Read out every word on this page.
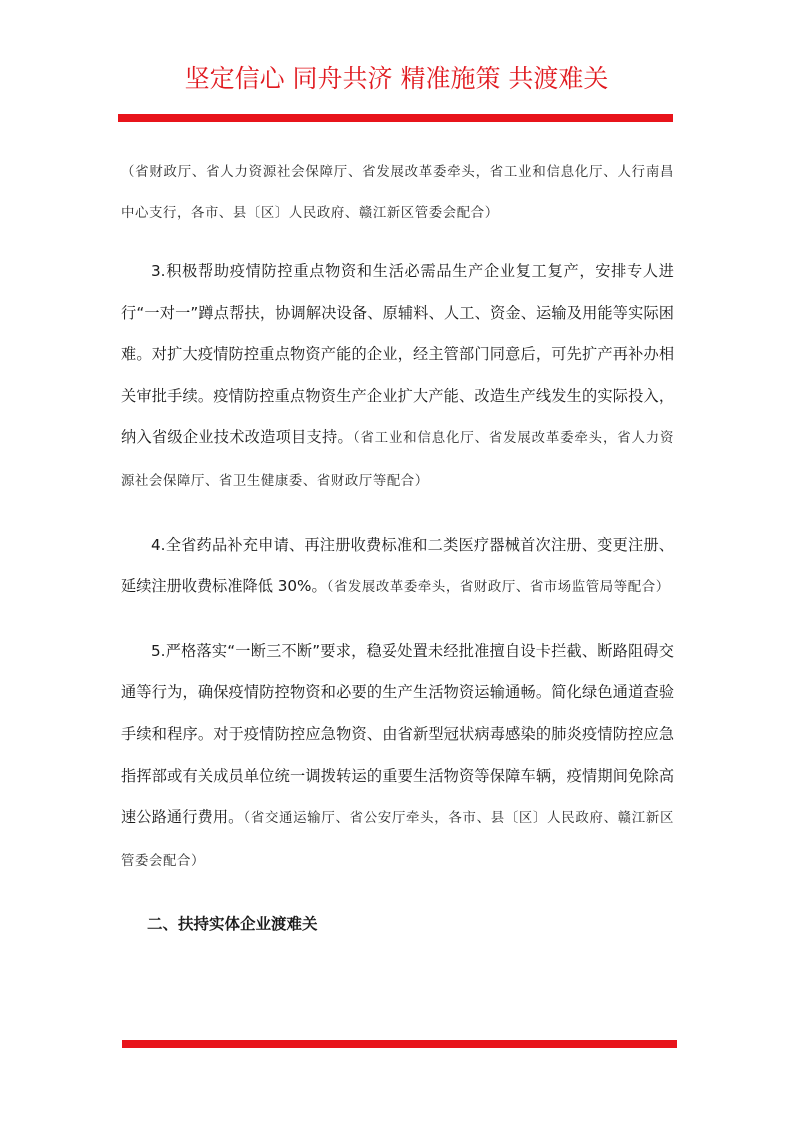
坚定信心 同舟共济 精准施策 共渡难关

（省财政厅、省人力资源社会保障厅、省发展改革委牵头，省工业和信息化厅、人行南昌中心支行，各市、县〔区〕人民政府、赣江新区管委会配合）

3.积极帮助疫情防控重点物资和生活必需品生产企业复工复产，安排专人进行“一对一”蹲点帮扶，协调解决设备、原辅料、人工、资金、运输及用能等实际困难。对扩大疫情防控重点物资产能的企业，经主管部门同意后，可先扩产再补办相关审批手续。疫情防控重点物资生产企业扩大产能、改造生产线发生的实际投入，纳入省级企业技术改造项目支持。（省工业和信息化厅、省发展改革委牵头，省人力资源社会保障厅、省卫生健康委、省财政厅等配合）

4.全省药品补充申请、再注册收费标准和二类医疗器械首次注册、变更注册、延续注册收费标准降低 30%。（省发展改革委牵头，省财政厅、省市场监管局等配合）

5.严格落实“一断三不断”要求，稳妥处置未经批准擅自设卡拦截、断路阻碍交通等行为，确保疫情防控物资和必要的生产生活物资运输通畅。简化绿色通道查验手续和程序。对于疫情防控应急物资、由省新型冠状病毒感染的肺炎疫情防控应急指挥部或有关成员单位统一调拨转运的重要生活物资等保障车辆，疫情期间免除高速公路通行费用。（省交通运输厅、省公安厅牵头，各市、县〔区〕人民政府、赣江新区管委会配合）

二、扶持实体企业渡难关
